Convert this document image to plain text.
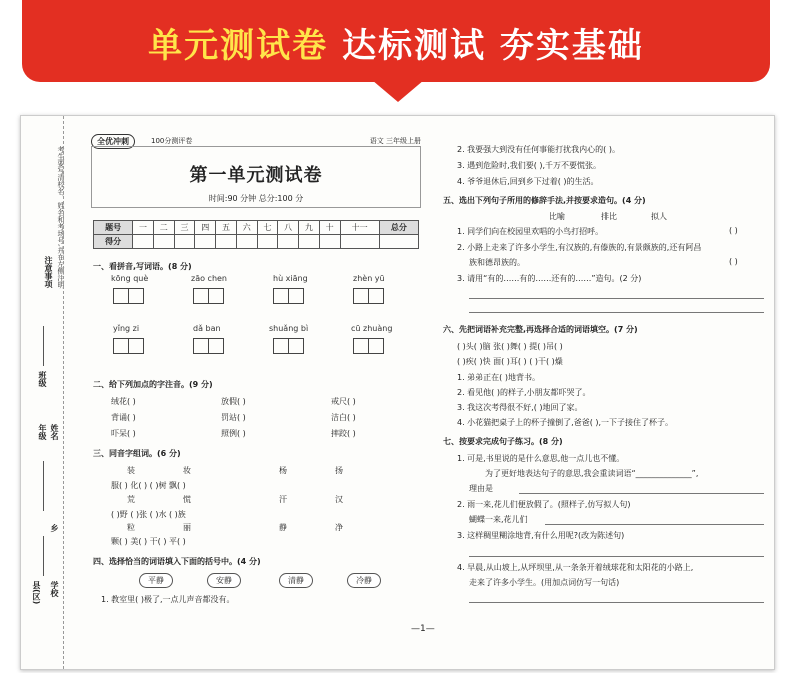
单元测试卷 达标测试 夯实基础
考生要写清校名、姓名和考场号,并在左侧注明
注意事项
班级
年级 姓名
乡
县(区) 学校
全优冲刺	100分测评卷	语文 三年级上册
第一单元测试卷
时间:90 分钟 总分:100 分
题号	一	二	三	四	五	六	七	八	九	十	十一	总分
得分												
一、看拼音,写词语。(8 分)
kōng què	zāo chen	hù xiāng	zhèn yū
yǐng zi	dǎ ban	shuǎng bì	cū zhuàng
二、给下列加点的字注音。(9 分)
绒花( )	放假( )	戒尺( )
背诵( )	罚站( )	洁白( )
吓呆( )	照例( )	摔跤( )
三、同音字组词。(6 分)
装	妆	杨	扬
服( ) 化( ) ( )树 飘( )
荒	慌	汗	汉
( )野 ( )张 ( )水 ( )族
粒	丽	静	净
颗( ) 美( ) 干( ) 平( )
四、选择恰当的词语填入下面的括号中。(4 分)
平静	安静	清静	冷静
1. 教室里( )极了,一点儿声音都没有。
2. 我要强大到没有任何事能打扰我内心的( )。
3. 遇到危险时,我们要( ),千万不要慌张。
4. 爷爷退休后,回到乡下过着( )的生活。
五、选出下列句子所用的修辞手法,并按要求造句。(4 分)
比喻	排比	拟人
1. 同学们向在校园里欢唱的小鸟打招呼。	( )
2. 小路上走来了许多小学生,有汉族的,有傣族的,有景颇族的,还有阿昌
族和德昂族的。	( )
3. 请用“有的……有的……还有的……”造句。(2 分)
六、先把词语补充完整,再选择合适的词语填空。(7 分)
( )头( )脑 张( )舞( ) 提( )吊( )
( )疾( )快 面( )耳( ) ( )干( )燥
1. 弟弟正在( )地背书。
2. 看见他( )的样子,小朋友都吓哭了。
3. 我这次考得很不好,( )地回了家。
4. 小花猫把桌子上的杯子撞倒了,爸爸( ),一下子接住了杯子。
七、按要求完成句子练习。(8 分)
1. 可是,书里说的是什么意思,他一点儿也不懂。
为了更好地表达句子的意思,我会重读词语“______________”,
理由是
2. 雨一来,花儿们便放假了。(照样子,仿写拟人句)
蝴蝶一来,花儿们
3. 这样稠里糊涂地背,有什么用呢?(改为陈述句)
4. 早晨,从山坡上,从坪坝里,从一条条开着绒球花和太阳花的小路上,
走来了许多小学生。(用加点词仿写一句话)
—1—
